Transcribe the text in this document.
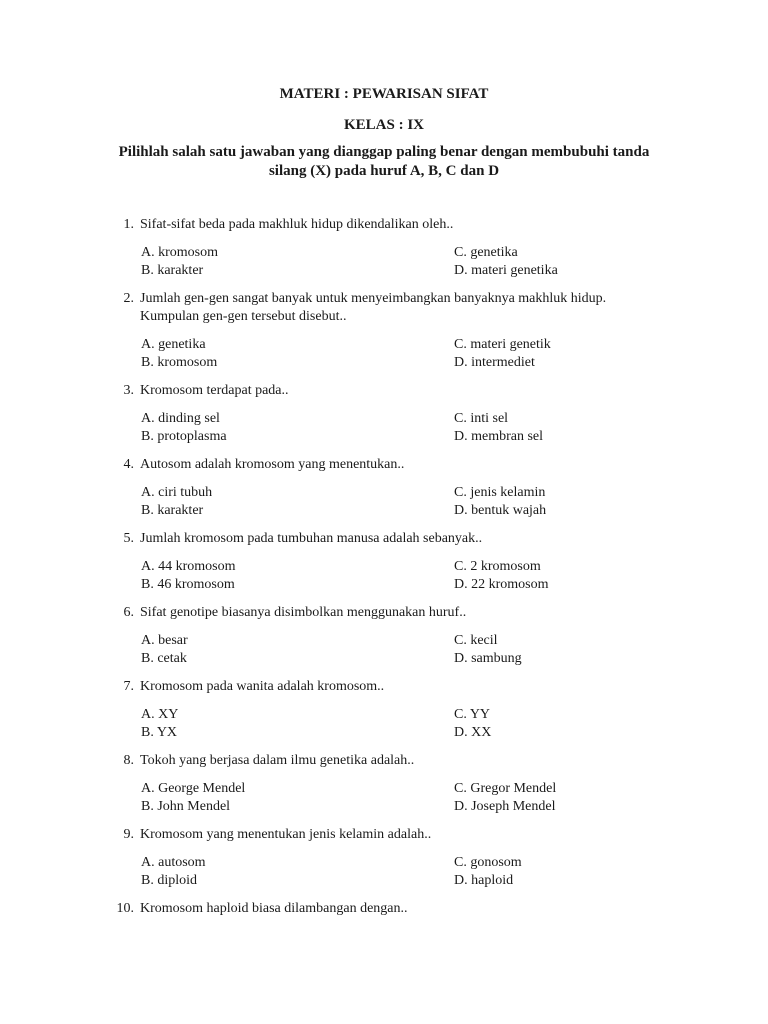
MATERI : PEWARISAN SIFAT
KELAS : IX
Pilihlah salah satu jawaban yang dianggap paling benar dengan membubuhi tanda silang (X) pada huruf A, B, C dan D
1. Sifat-sifat beda pada makhluk hidup dikendalikan oleh..
A. kromosom
B. karakter
C. genetika
D. materi genetika
2. Jumlah gen-gen sangat banyak untuk menyeimbangkan banyaknya makhluk hidup. Kumpulan gen-gen tersebut disebut..
A. genetika
B. kromosom
C. materi genetik
D. intermediet
3. Kromosom terdapat pada..
A. dinding sel
B. protoplasma
C. inti sel
D. membran sel
4. Autosom adalah kromosom yang menentukan..
A. ciri tubuh
B. karakter
C. jenis kelamin
D. bentuk wajah
5. Jumlah kromosom pada tumbuhan manusa adalah sebanyak..
A. 44 kromosom
B. 46 kromosom
C. 2 kromosom
D. 22 kromosom
6. Sifat genotipe biasanya disimbolkan menggunakan huruf..
A. besar
B. cetak
C. kecil
D. sambung
7. Kromosom pada wanita adalah kromosom..
A. XY
B. YX
C. YY
D. XX
8. Tokoh yang berjasa dalam ilmu genetika adalah..
A. George Mendel
B. John Mendel
C. Gregor Mendel
D. Joseph Mendel
9. Kromosom yang menentukan jenis kelamin adalah..
A. autosom
B. diploid
C. gonosom
D. haploid
10. Kromosom haploid biasa dilambangan dengan..
